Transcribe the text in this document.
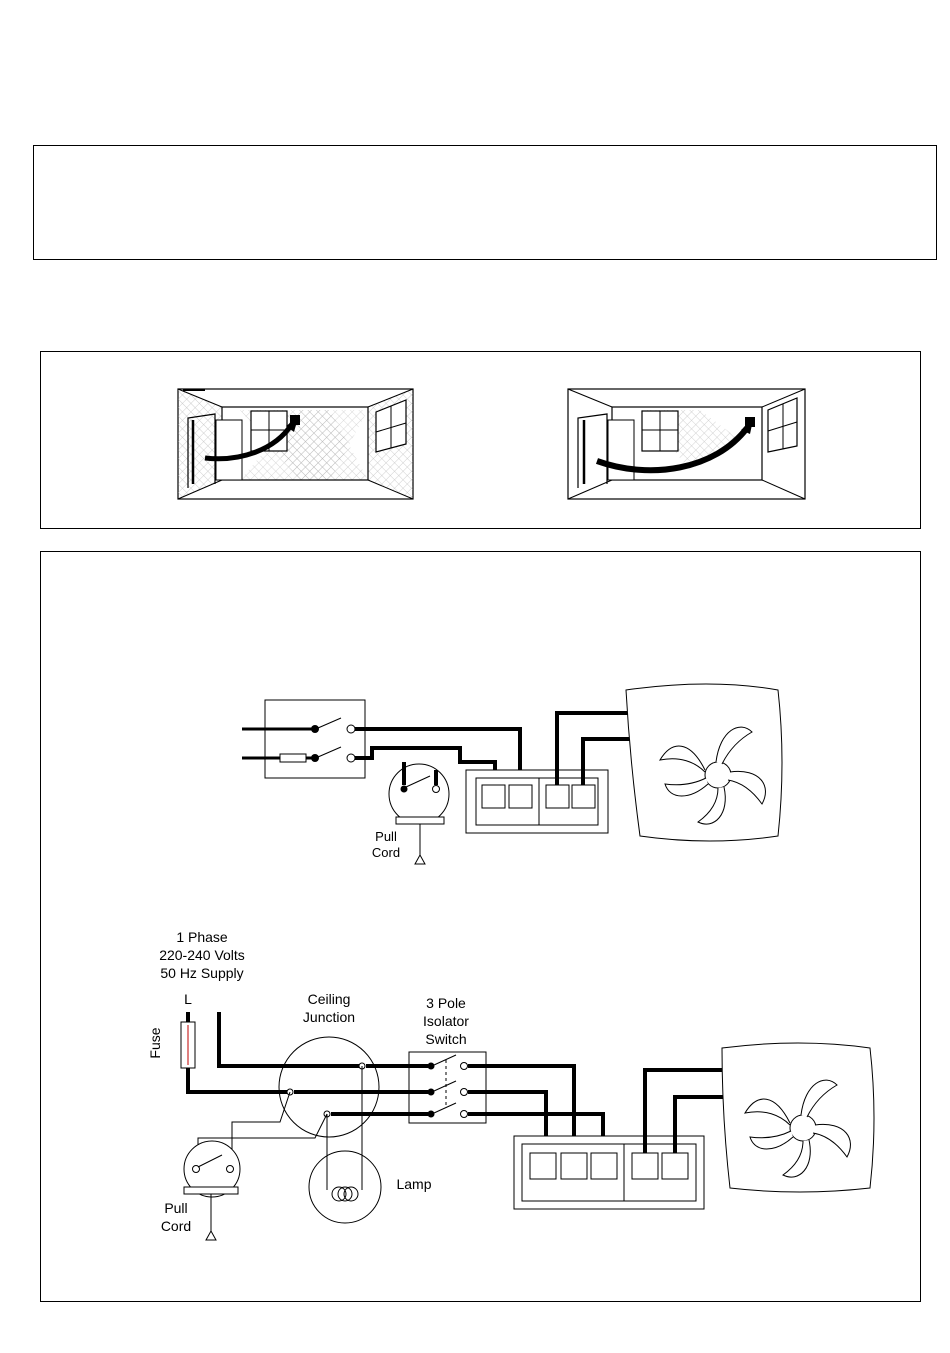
Pull
Cord
1 Phase
220-240 Volts
50 Hz Supply
L
Fuse
Ceiling
Junction
Pull
Cord
Lamp
3 Pole
Isolator
Switch
